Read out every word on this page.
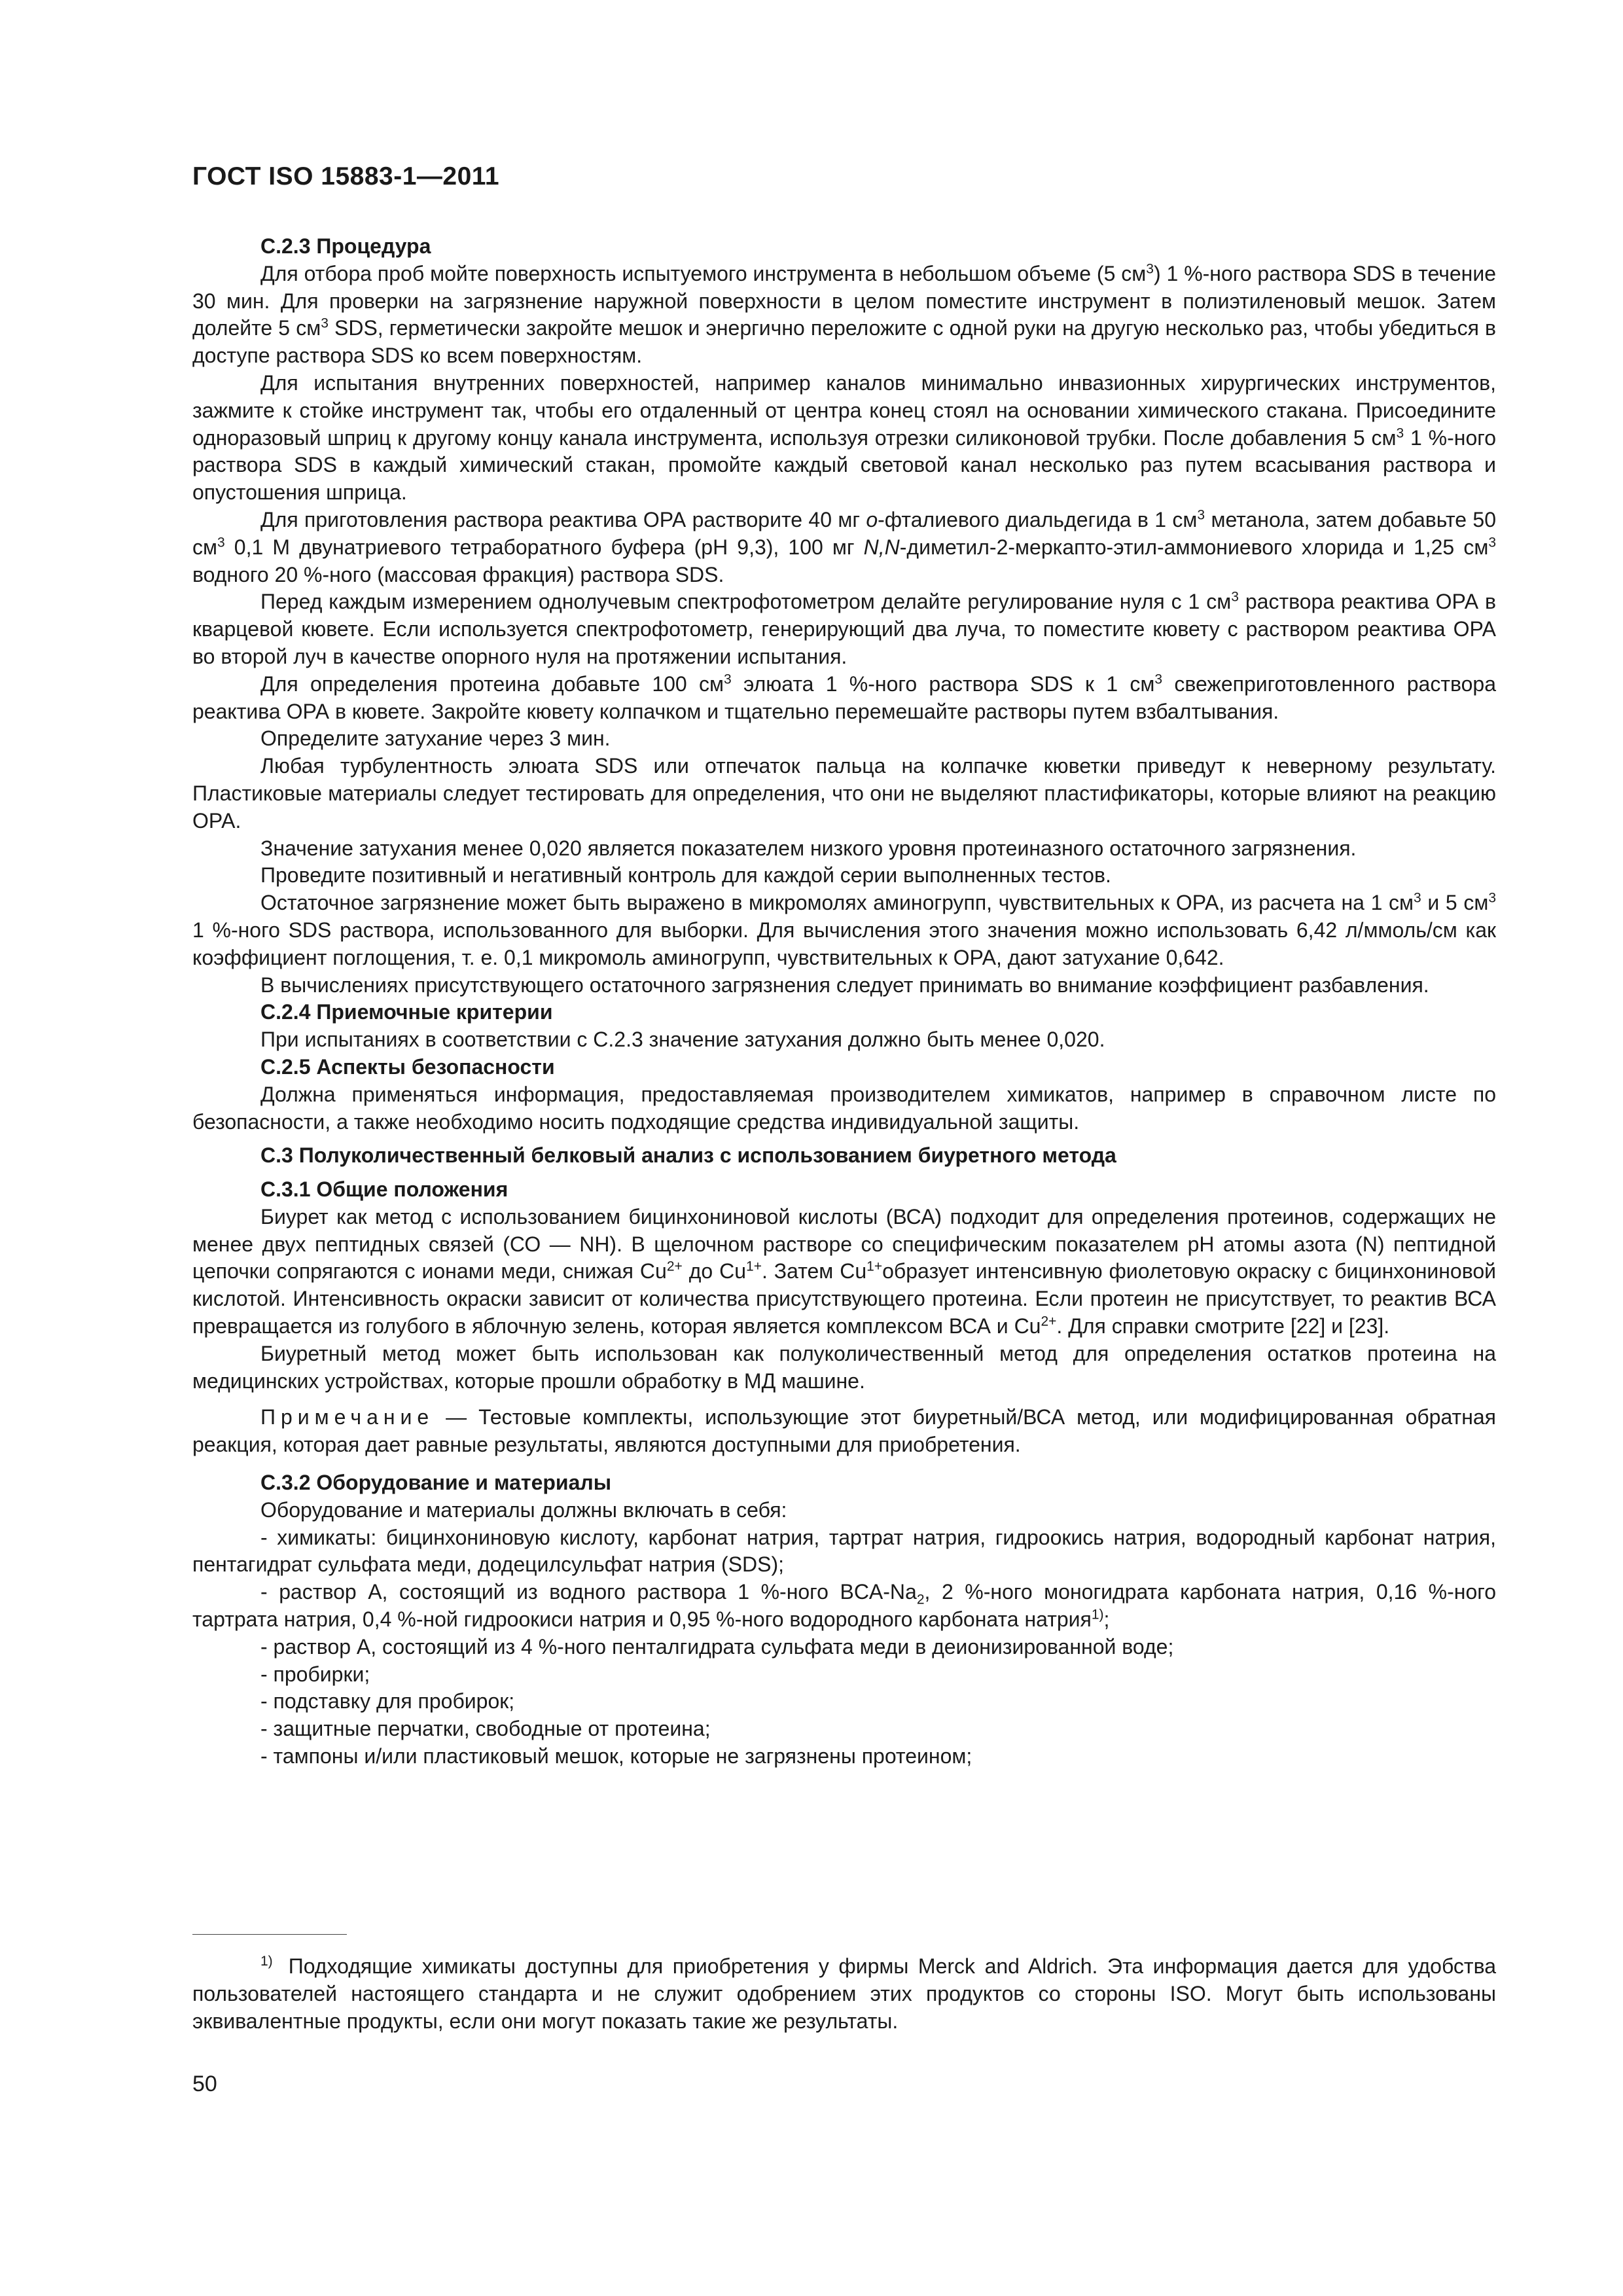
ГОСТ ISO 15883-1—2011
C.2.3 Процедура

Для отбора проб мойте поверхность испытуемого инструмента в небольшом объеме (5 $см^3$) 1 %-ного раствора SDS в течение 30 мин. Для проверки на загрязнение наружной поверхности в целом поместите инструмент в полиэтиленовый мешок. Затем долейте 5 $см^3$ SDS, герметически закройте мешок и энергично переложите с одной руки на другую несколько раз, чтобы убедиться в доступе раствора SDS ко всем поверхностям.

Для испытания внутренних поверхностей, например каналов минимально инвазионных хирургических инструментов, зажмите к стойке инструмент так, чтобы его отдаленный от центра конец стоял на основании химического стакана. Присоедините одноразовый шприц к другому концу канала инструмента, используя отрезки силиконовой трубки. После добавления 5 $см^3$ 1 %-ного раствора SDS в каждый химический стакан, промойте каждый световой канал несколько раз путем всасывания раствора и опустошения шприца.

Для приготовления раствора реактива ОРА растворите 40 мг o-фталиевого диальдегида в 1 $см^3$ метанола, затем добавьте 50 $см^3$ 0,1 М двунатриевого тетраборатного буфера (pH 9,3), 100 мг N,N-диметил-2-меркапто-этил-аммониевого хлорида и 1,25 $см^3$ водного 20 %-ного (массовая фракция) раствора SDS.

Перед каждым измерением однолучевым спектрофотометром делайте регулирование нуля с 1 $см^3$ раствора реактива ОРА в кварцевой кювете. Если используется спектрофотометр, генерирующий два луча, то поместите кювету с раствором реактива ОРА во второй луч в качестве опорного нуля на протяжении испытания.

Для определения протеина добавьте 100 $см^3$ элюата 1 %-ного раствора SDS к 1 $см^3$ свежеприготовленного раствора реактива ОРА в кювете. Закройте кювету колпачком и тщательно перемешайте растворы путем взбалтывания.

Определите затухание через 3 мин.

Любая турбулентность элюата SDS или отпечаток пальца на колпачке кюветки приведут к неверному результату. Пластиковые материалы следует тестировать для определения, что они не выделяют пластификаторы, которые влияют на реакцию ОРА.

Значение затухания менее 0,020 является показателем низкого уровня протеиназного остаточного загрязнения.

Проведите позитивный и негативный контроль для каждой серии выполненных тестов.

Остаточное загрязнение может быть выражено в микромолях аминогрупп, чувствительных к ОРА, из расчета на 1 $см^3$ и 5 $см^3$ 1 %-ного SDS раствора, использованного для выборки. Для вычисления этого значения можно использовать 6,42 л/ммоль/см как коэффициент поглощения, т. е. 0,1 микромоль аминогрупп, чувствительных к ОРА, дают затухание 0,642.

В вычислениях присутствующего остаточного загрязнения следует принимать во внимание коэффициент разбавления.

C.2.4 Приемочные критерии

При испытаниях в соответствии с С.2.3 значение затухания должно быть менее 0,020.

C.2.5 Аспекты безопасности

Должна применяться информация, предоставляемая производителем химикатов, например в справочном листе по безопасности, а также необходимо носить подходящие средства индивидуальной защиты.

C.3 Полуколичественный белковый анализ с использованием биуретного метода
C.3.1 Общие положения

Биурет как метод с использованием бицинхониновой кислоты (ВСА) подходит для определения протеинов, содержащих не менее двух пептидных связей (СО — NH). В щелочном растворе со специфическим показателем pH атомы азота (N) пептидной цепочки сопрягаются с ионами меди, снижая $Cu^{2+}$ до $Cu^{1+}$. Затем $Cu^{1+}образует$ интенсивную фиолетовую окраску с бицинхониновой кислотой. Интенсивность окраски зависит от количества присутствующего протеина. Если протеин не присутствует, то реактив ВСА превращается из голубого в яблочную зелень, которая является комплексом ВСА и $Cu^{2+}$. Для справки смотрите [22] и [23].

Биуретный метод может быть использован как полуколичественный метод для определения остатков протеина на медицинских устройствах, которые прошли обработку в МД машине.

Примечание — Тестовые комплекты, использующие этот биуретный/ВСА метод, или модифицированная обратная реакция, которая дает равные результаты, являются доступными для приобретения.

C.3.2 Оборудование и материалы

Оборудование и материалы должны включать в себя:

- химикаты: бицинхониновую кислоту, карбонат натрия, тартрат натрия, гидроокись натрия, водородный карбонат натрия, пентагидрат сульфата меди, додецилсульфат натрия (SDS);
- раствор А, состоящий из водного раствора 1 %-ного BCA-$Na_2$, 2 %-ного моногидрата карбоната натрия, 0,16 %-ного тартрата натрия, 0,4 %-ной гидроокиси натрия и 0,95 %-ного водородного карбоната натрия$^{1)}$;
- раствор А, состоящий из 4 %-ного пенталгидрата сульфата меди в деионизированной воде;
- пробирки;
- подставку для пробирок;
- защитные перчатки, свободные от протеина;
- тампоны и/или пластиковый мешок, которые не загрязнены протеином;
$^{1)}$ Подходящие химикаты доступны для приобретения у фирмы Merck and Aldrich. Эта информация дается для удобства пользователей настоящего стандарта и не служит одобрением этих продуктов со стороны ISO. Могут быть использованы эквивалентные продукты, если они могут показать такие же результаты.
50
